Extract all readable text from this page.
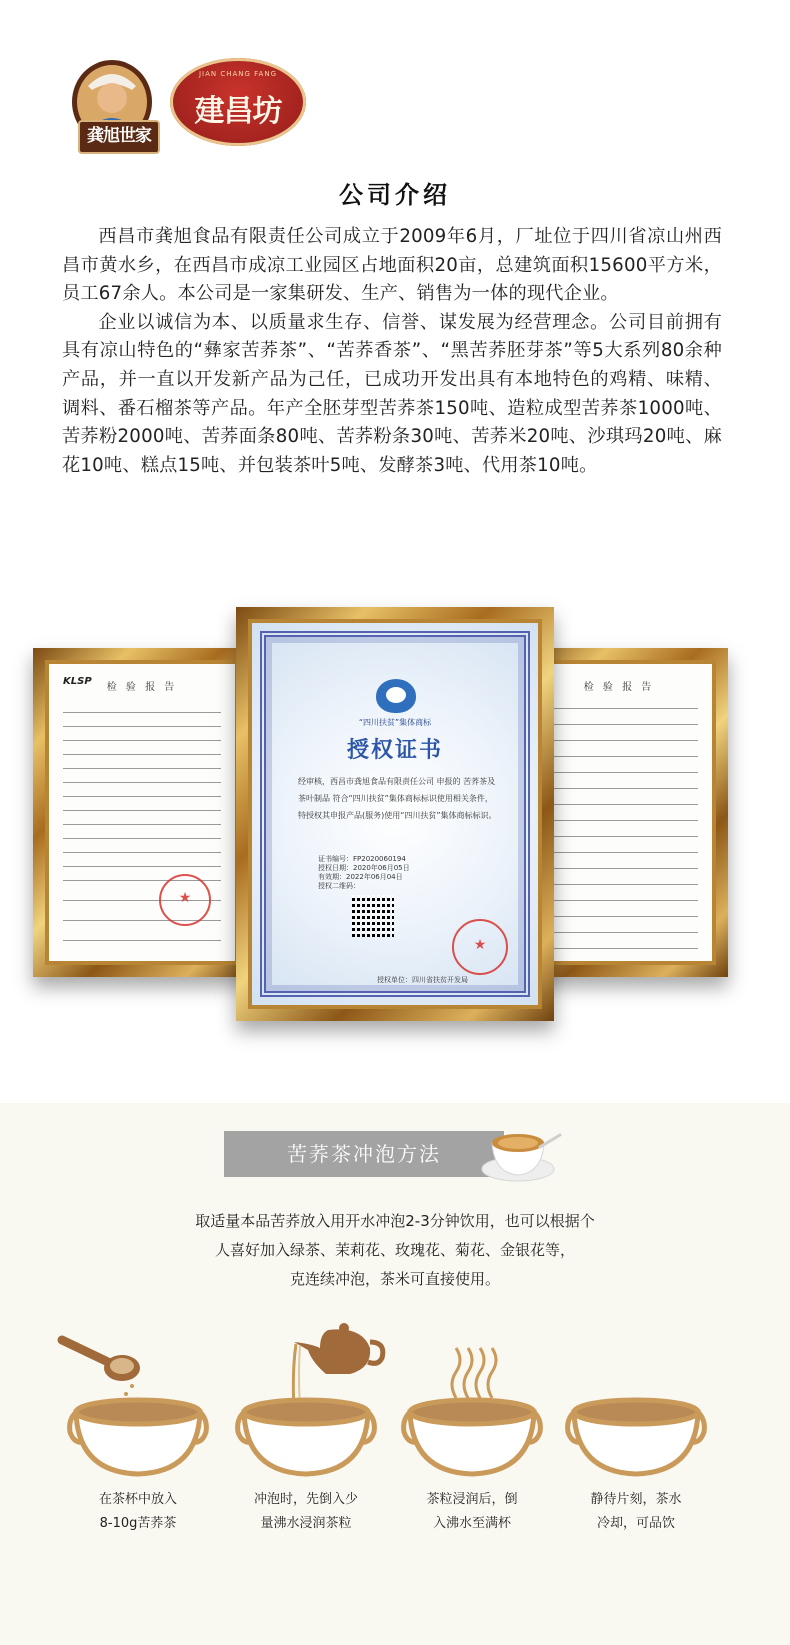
龚旭世家
JIAN CHANG FANG
建昌坊
公司介绍

西昌市龚旭食品有限责任公司成立于2009年6月，厂址位于四川省凉山州西昌市黄水乡，在西昌市成凉工业园区占地面积20亩，总建筑面积15600平方米，员工67余人。本公司是一家集研发、生产、销售为一体的现代企业。

企业以诚信为本、以质量求生存、信誉、谋发展为经营理念。公司目前拥有具有凉山特色的“彝家苦荞茶”、“苦荞香茶”、“黑苦荞胚芽茶”等5大系列80余种产品，并一直以开发新产品为己任，已成功开发出具有本地特色的鸡精、味精、调料、番石榴茶等产品。年产全胚芽型苦荞茶150吨、造粒成型苦荞茶1000吨、苦荞粉2000吨、苦荞面条80吨、苦荞粉条30吨、苦荞米20吨、沙琪玛20吨、麻花10吨、糕点15吨、并包装茶叶5吨、发酵茶3吨、代用茶10吨。

KLSP
检 验 报 告
★	检 验 报 告
“四川扶贫”集体商标
授权证书
经审核，西昌市龚旭食品有限责任公司 申报的 苦荞茶及茶叶制品 符合“四川扶贫”集体商标标识使用相关条件，特授权其申报产品(服务)使用“四川扶贫”集体商标标识。
证书编号：FP2020060194
授权日期：2020年06月05日
有效期：2022年06月04日
授权二维码：
★
授权单位：四川省扶贫开发局
苦荞茶冲泡方法
取适量本品苦荞放入用开水冲泡2-3分钟饮用，也可以根据个
人喜好加入绿茶、茉莉花、玫瑰花、菊花、金银花等，
克连续冲泡，茶米可直接使用。
在茶杯中放入
8-10g苦荞茶
冲泡时，先倒入少
量沸水浸润茶粒
茶粒浸润后，倒
入沸水至满杯
静待片刻，茶水
冷却，可品饮
